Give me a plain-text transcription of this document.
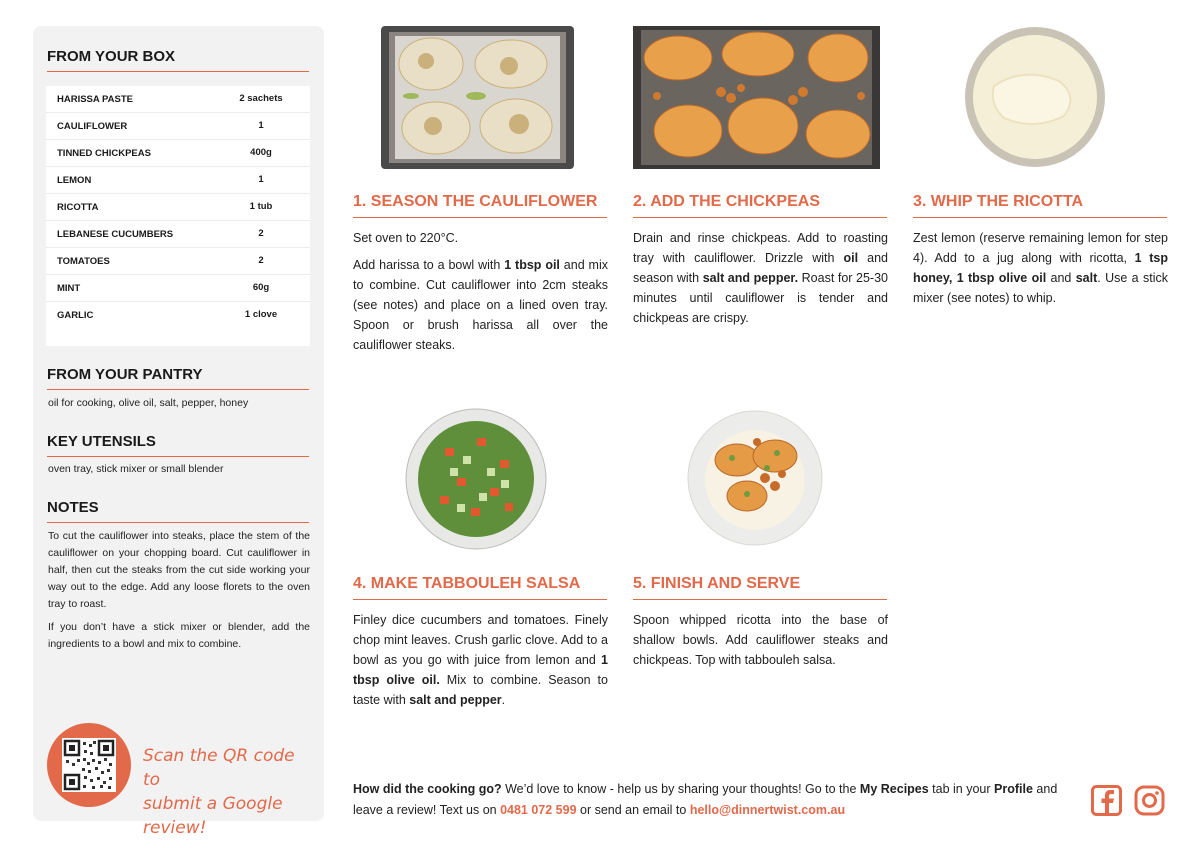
FROM YOUR BOX
HARISSA PASTE	2 sachets
CAULIFLOWER	1
TINNED CHICKPEAS	400g
LEMON	1
RICOTTA	1 tub
LEBANESE CUCUMBERS	2
TOMATOES	2
MINT	60g
GARLIC	1 clove
FROM YOUR PANTRY
oil for cooking, olive oil, salt, pepper, honey
KEY UTENSILS
oven tray, stick mixer or small blender
NOTES

To cut the cauliflower into steaks, place the stem of the cauliflower on your chopping board. Cut cauliflower in half, then cut the steaks from the cut side working your way out to the edge. Add any loose florets to the oven tray to roast.

If you don’t have a stick mixer or blender, add the ingredients to a bowl and mix to combine.

Scan the QR code to
submit a Google review!
1. SEASON THE CAULIFLOWER

Set oven to 220°C.

Add harissa to a bowl with 1 tbsp oil and mix to combine. Cut cauliflower into 2cm steaks (see notes) and place on a lined oven tray. Spoon or brush harissa all over the cauliflower steaks.

2. ADD THE CHICKPEAS

Drain and rinse chickpeas. Add to roasting tray with cauliflower. Drizzle with oil and season with salt and pepper. Roast for 25-30 minutes until cauliflower is tender and chickpeas are crispy.

3. WHIP THE RICOTTA

Zest lemon (reserve remaining lemon for step 4). Add to a jug along with ricotta, 1 tsp honey, 1 tbsp olive oil and salt. Use a stick mixer (see notes) to whip.

4. MAKE TABBOULEH SALSA

Finley dice cucumbers and tomatoes. Finely chop mint leaves. Crush garlic clove. Add to a bowl as you go with juice from lemon and 1 tbsp olive oil. Mix to combine. Season to taste with salt and pepper.

5. FINISH AND SERVE

Spoon whipped ricotta into the base of shallow bowls. Add cauliflower steaks and chickpeas. Top with tabbouleh salsa.

How did the cooking go? We’d love to know - help us by sharing your thoughts! Go to the My Recipes tab in your Profile and leave a review! Text us on 0481 072 599 or send an email to hello@dinnertwist.com.au
